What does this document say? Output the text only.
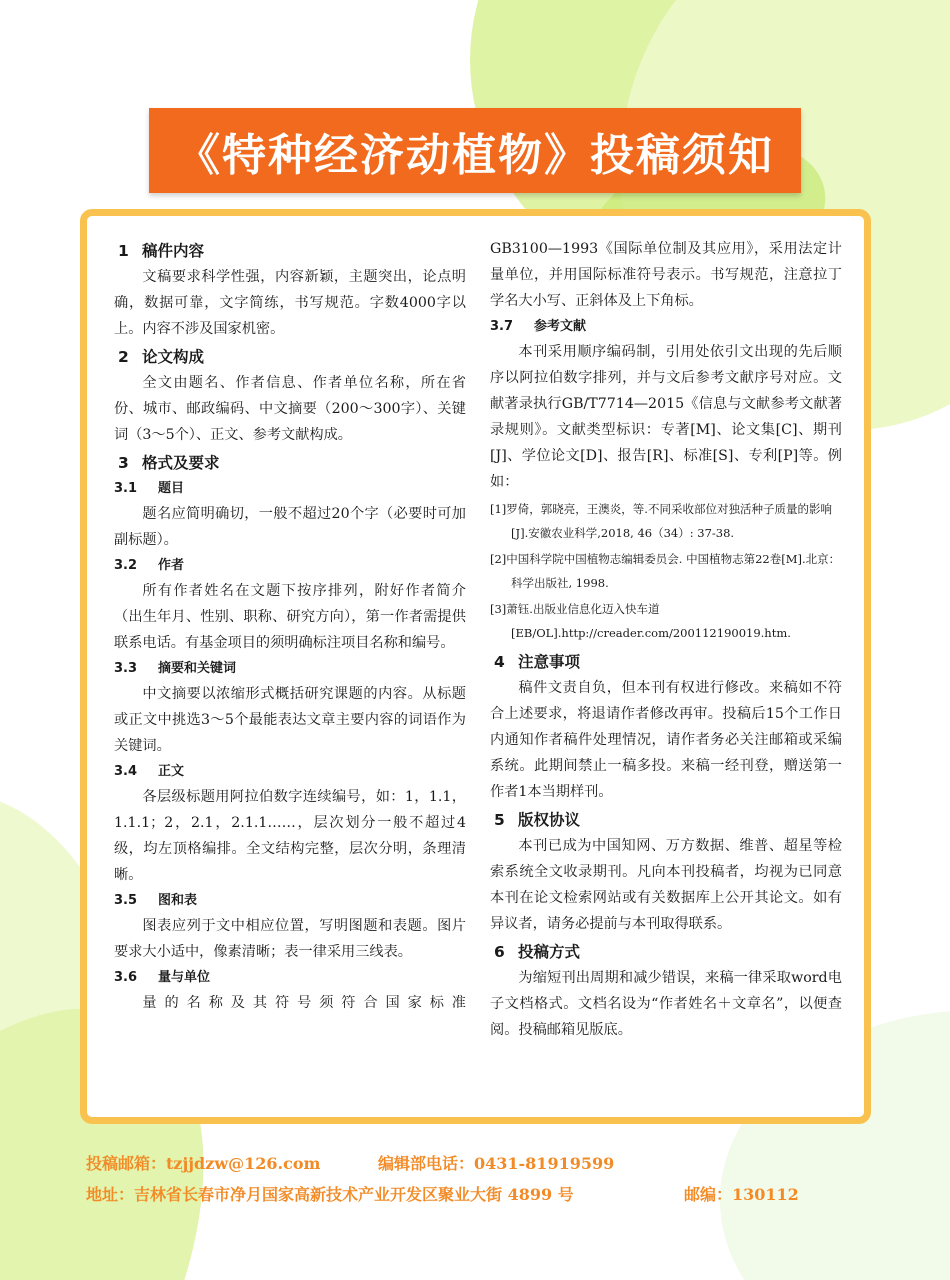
《特种经济动植物》投稿须知
1 稿件内容

文稿要求科学性强，内容新颖，主题突出，论点明确，数据可靠，文字简练，书写规范。字数4000字以上。内容不涉及国家机密。

2 论文构成

全文由题名、作者信息、作者单位名称，所在省份、城市、邮政编码、中文摘要（200～300字）、关键词（3～5个）、正文、参考文献构成。

3 格式及要求
3.1 题目

题名应简明确切，一般不超过20个字（必要时可加副标题）。

3.2 作者

所有作者姓名在文题下按序排列，附好作者简介（出生年月、性别、职称、研究方向），第一作者需提供联系电话。有基金项目的须明确标注项目名称和编号。

3.3 摘要和关键词

中文摘要以浓缩形式概括研究课题的内容。从标题或正文中挑选3～5个最能表达文章主要内容的词语作为关键词。

3.4 正文

各层级标题用阿拉伯数字连续编号，如：1，1.1，1.1.1；2，2.1，2.1.1……，层次划分一般不超过4级，均左顶格编排。全文结构完整，层次分明，条理清晰。

3.5 图和表

图表应列于文中相应位置，写明图题和表题。图片要求大小适中，像素清晰；表一律采用三线表。

3.6 量与单位

量的名称及其符号须符合国家标准

GB3100—1993《国际单位制及其应用》，采用法定计量单位，并用国际标准符号表示。书写规范，注意拉丁学名大小写、正斜体及上下角标。

3.7 参考文献

本刊采用顺序编码制，引用处依引文出现的先后顺序以阿拉伯数字排列，并与文后参考文献序号对应。文献著录执行GB/T7714—2015《信息与文献参考文献著录规则》。文献类型标识：专著[M]、论文集[C]、期刊[J]、学位论文[D]、报告[R]、标准[S]、专利[P]等。例如：

[1]罗倚，郭晓亮，王澳炎，等.不同采收部位对独活种子质量的影响[J].安徽农业科学,2018, 46（34）: 37-38.

[2]中国科学院中国植物志编辑委员会. 中国植物志第22卷[M].北京：科学出版社, 1998.

[3]萧钰.出版业信息化迈入快车道[EB/OL].http://creader.com/200112190019.htm.

4 注意事项

稿件文责自负，但本刊有权进行修改。来稿如不符合上述要求，将退请作者修改再审。投稿后15个工作日内通知作者稿件处理情况，请作者务必关注邮箱或采编系统。此期间禁止一稿多投。来稿一经刊登，赠送第一作者1本当期样刊。

5 版权协议

本刊已成为中国知网、万方数据、维普、超星等检索系统全文收录期刊。凡向本刊投稿者，均视为已同意本刊在论文检索网站或有关数据库上公开其论文。如有异议者，请务必提前与本刊取得联系。

6 投稿方式

为缩短刊出周期和减少错误，来稿一律采取word电子文档格式。文档名设为“作者姓名＋文章名”，以便查阅。投稿邮箱见版底。

投稿邮箱：tzjjdzw@126.com	编辑部电话：0431-81919599
地址：吉林省长春市净月国家高新技术产业开发区聚业大街 4899 号	邮编：130112
